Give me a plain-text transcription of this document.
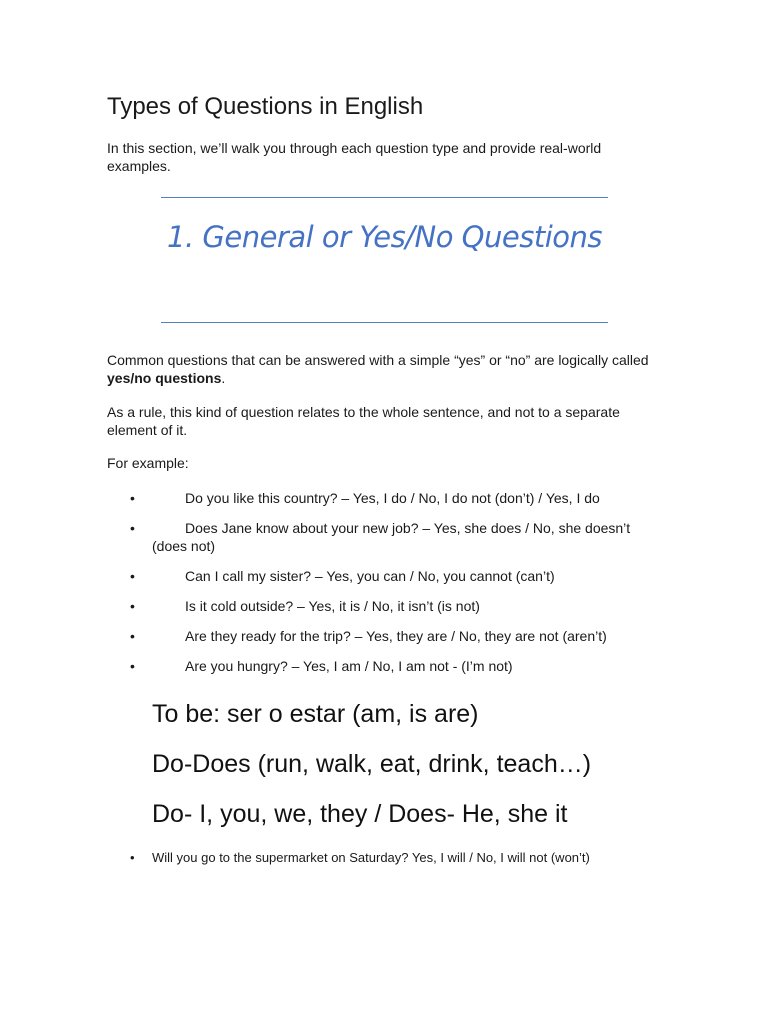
Types of Questions in English
In this section, we’ll walk you through each question type and provide real-world examples.
1. General or Yes/No Questions
Common questions that can be answered with a simple “yes” or “no” are logically called yes/no questions.
As a rule, this kind of question relates to the whole sentence, and not to a separate element of it.
For example:
•	Do you like this country? – Yes, I do / No, I do not (don’t) / Yes, I do
•	Does Jane know about your new job? – Yes, she does / No, she doesn’t (does not)
•	Can I call my sister? – Yes, you can / No, you cannot (can’t)
•	Is it cold outside? – Yes, it is / No, it isn’t (is not)
•	Are they ready for the trip? – Yes, they are / No, they are not (aren’t)
•	Are you hungry? – Yes, I am / No, I am not - (I’m not)
To be: ser o estar (am, is are)
Do-Does (run, walk, eat, drink, teach…)
Do- I, you, we, they / Does- He, she it
• Will you go to the supermarket on Saturday? Yes, I will / No, I will not (won’t)
